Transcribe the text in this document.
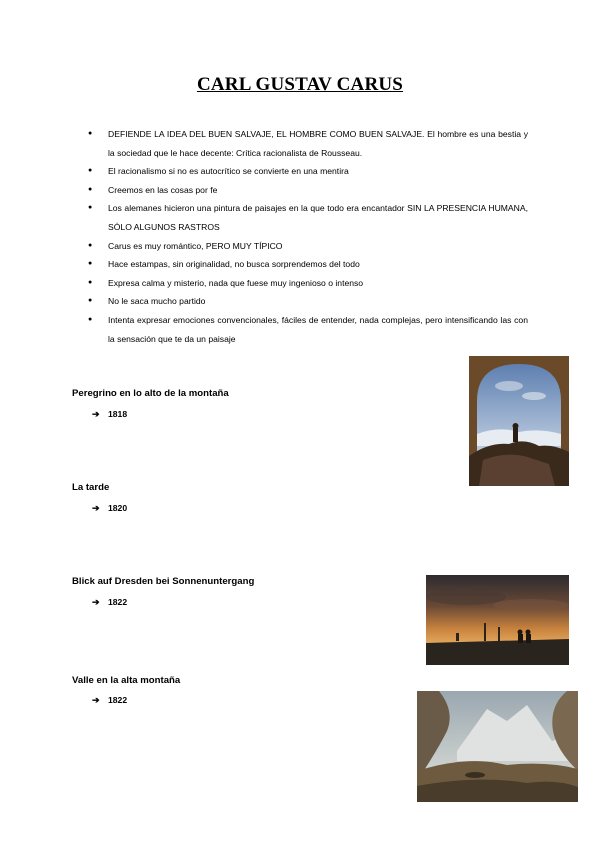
CARL GUSTAV CARUS
● DEFIENDE LA IDEA DEL BUEN SALVAJE, EL HOMBRE COMO BUEN SALVAJE. El hombre es una bestia y la sociedad que le hace decente: Crítica racionalista de Rousseau.
● El racionalismo si no es autocrítico se convierte en una mentira
● Creemos en las cosas por fe
● Los alemanes hicieron una pintura de paisajes en la que todo era encantador SIN LA PRESENCIA HUMANA, SÓLO ALGUNOS RASTROS
● Carus es muy romántico, PERO MUY TÍPICO
● Hace estampas, sin originalidad, no busca sorprendemos del todo
● Expresa calma y misterio, nada que fuese muy ingenioso o intenso
● No le saca mucho partido
● Intenta expresar emociones convencionales, fáciles de entender, nada complejas, pero intensificando las con la sensación que te da un paisaje
Peregrino en lo alto de la montaña
➔ 1818
La tarde
➔ 1820
Blick auf Dresden bei Sonnenuntergang
➔ 1822
Valle en la alta montaña
➔ 1822
